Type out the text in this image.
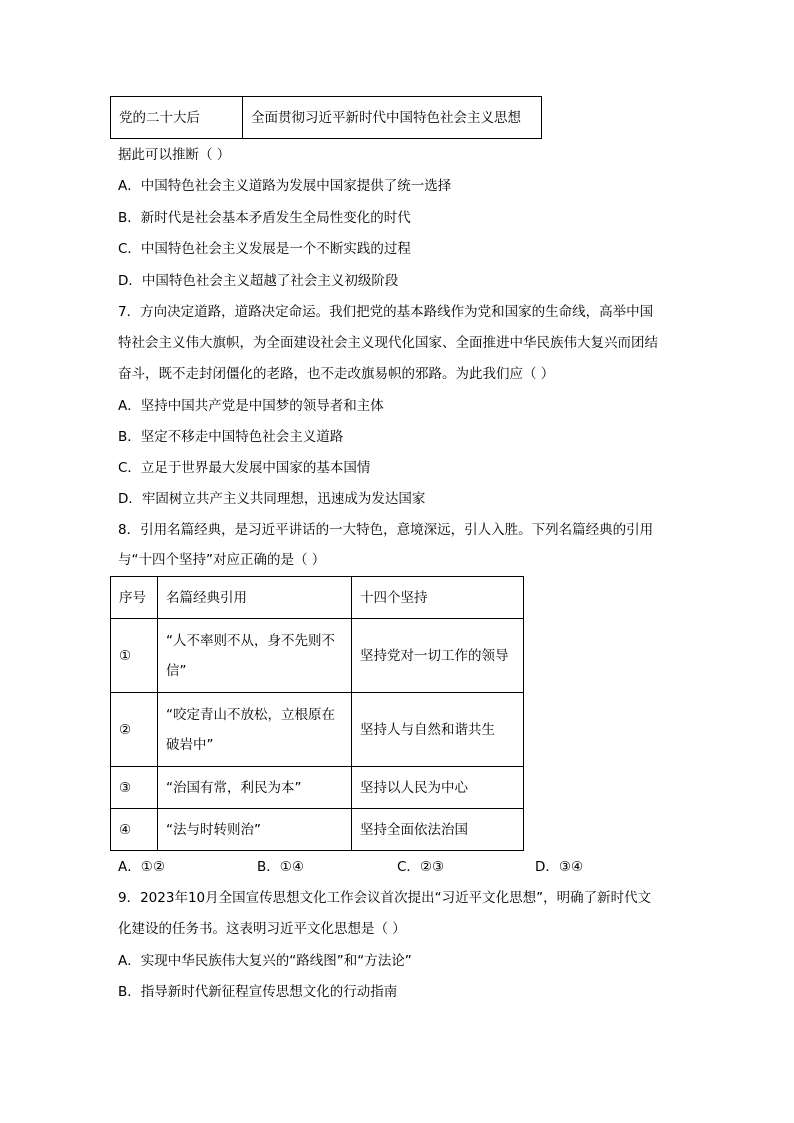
党的二十大后	全面贯彻习近平新时代中国特色社会主义思想
据此可以推断（ ）
A．中国特色社会主义道路为发展中国家提供了统一选择
B．新时代是社会基本矛盾发生全局性变化的时代
C．中国特色社会主义发展是一个不断实践的过程
D．中国特色社会主义超越了社会主义初级阶段
7．方向决定道路，道路决定命运。我们把党的基本路线作为党和国家的生命线，高举中国
特社会主义伟大旗帜，为全面建设社会主义现代化国家、全面推进中华民族伟大复兴而团结
奋斗，既不走封闭僵化的老路，也不走改旗易帜的邪路。为此我们应（ ）
A．坚持中国共产党是中国梦的领导者和主体
B．坚定不移走中国特色社会主义道路
C．立足于世界最大发展中国家的基本国情
D．牢固树立共产主义共同理想，迅速成为发达国家
8．引用名篇经典，是习近平讲话的一大特色，意境深远，引人入胜。下列名篇经典的引用
与“十四个坚持”对应正确的是（ ）
序号	名篇经典引用	十四个坚持
①	“人不率则不从，身不先则不
信”	坚持党对一切工作的领导
②	“咬定青山不放松，立根原在
破岩中”	坚持人与自然和谐共生
③	“治国有常，利民为本”	坚持以人民为中心
④	“法与时转则治”	坚持全面依法治国
A．①②	B．①④	C．②③	D．③④
9．2023年10月全国宣传思想文化工作会议首次提出“习近平文化思想”，明确了新时代文
化建设的任务书。这表明习近平文化思想是（ ）
A．实现中华民族伟大复兴的“路线图”和“方法论”
B．指导新时代新征程宣传思想文化的行动指南
